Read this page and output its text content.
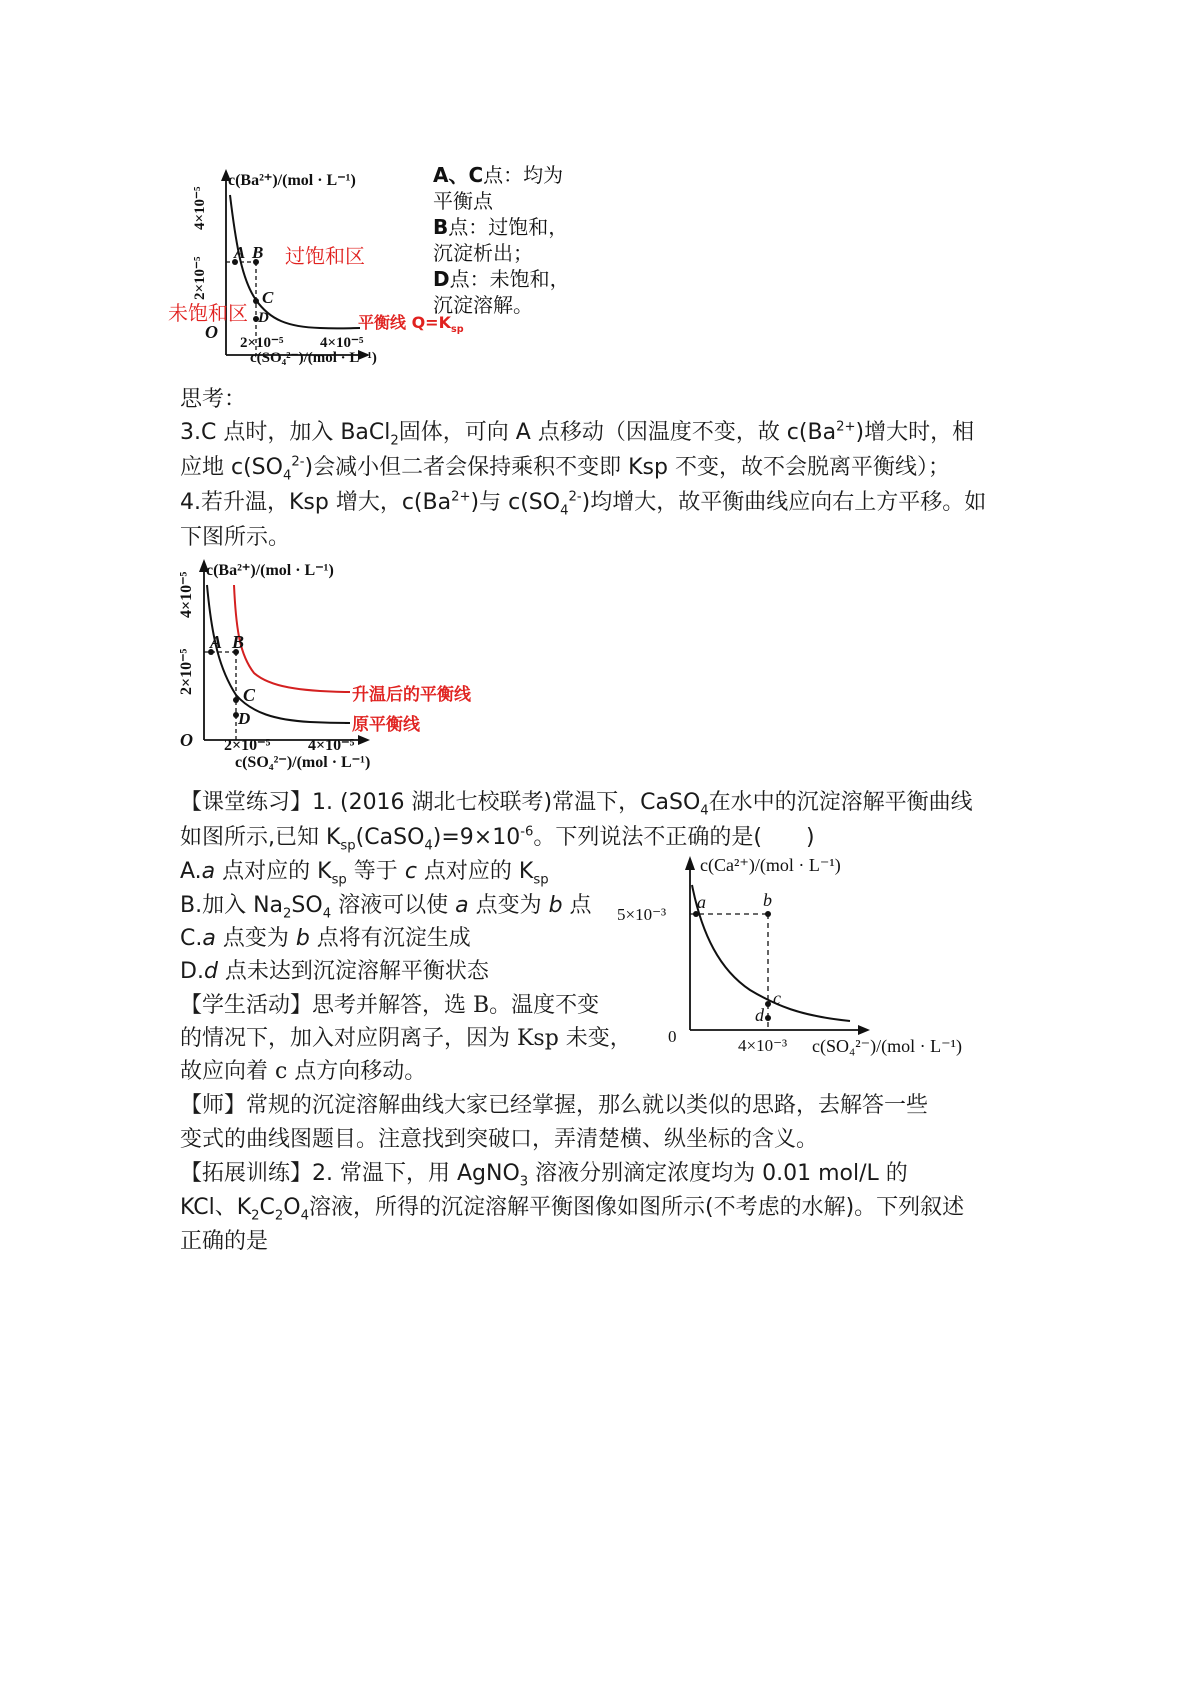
c(Ba²⁺)/(mol · L⁻¹)
4×10⁻⁵
2×10⁻⁵
O
2×10⁻⁵ 4×10⁻⁵
c(SO₄²⁻)/(mol · L⁻¹)
A B
C
D
过饱和区
未饱和区	平衡线 $Q=K_{sp}$
A、C点：均为
平衡点
B点：过饱和，
沉淀析出；
D点：未饱和，
沉淀溶解。
思考：
3.C 点时，加入 BaCl$_2$固体，可向 A 点移动（因温度不变，故 $c(Ba^{2+})$增大时，相
应地 $c(SO_4^{2-})$会减小但二者会保持乘积不变即 Ksp 不变，故不会脱离平衡线）；
4.若升温，Ksp 增大，$c(Ba^{2+})$与 $c(SO_4^{2-})$均增大，故平衡曲线应向右上方平移。如
下图所示。
c(Ba²⁺)/(mol · L⁻¹)
4×10⁻⁵
2×10⁻⁵
O 2×10⁻⁵ 4×10⁻⁵
c(SO₄²⁻)/(mol · L⁻¹)
A B
C
D
升温后的平衡线
原平衡线
【课堂练习】1. (2016 湖北七校联考)常温下，CaSO$_4$在水中的沉淀溶解平衡曲线
如图所示,已知 $K_{sp}(CaSO_4)=9\times 10^{-6}$。下列说法不正确的是(　　)
A.a 点对应的 $K_{sp}$ 等于 c 点对应的 $K_{sp}$
B.加入 $Na_2SO_4$ 溶液可以使 a 点变为 b 点
C.a 点变为 b 点将有沉淀生成
D.d 点未达到沉淀溶解平衡状态
【学生活动】思考并解答，选 B。温度不变
的情况下，加入对应阴离子，因为 Ksp 未变，
故应向着 c 点方向移动。
c(Ca²⁺)/(mol · L⁻¹)
5×10⁻³
0	4×10⁻³ c(SO₄²⁻)/(mol · L⁻¹)
a	b
c
d
【师】常规的沉淀溶解曲线大家已经掌握，那么就以类似的思路，去解答一些
变式的曲线图题目。注意找到突破口，弄清楚横、纵坐标的含义。
【拓展训练】2. 常温下，用 AgNO$_3$ 溶液分别滴定浓度均为 0.01 mol/L 的
KCl、$K_2C_2O_4$溶液，所得的沉淀溶解平衡图像如图所示(不考虑的水解)。下列叙述
正确的是
